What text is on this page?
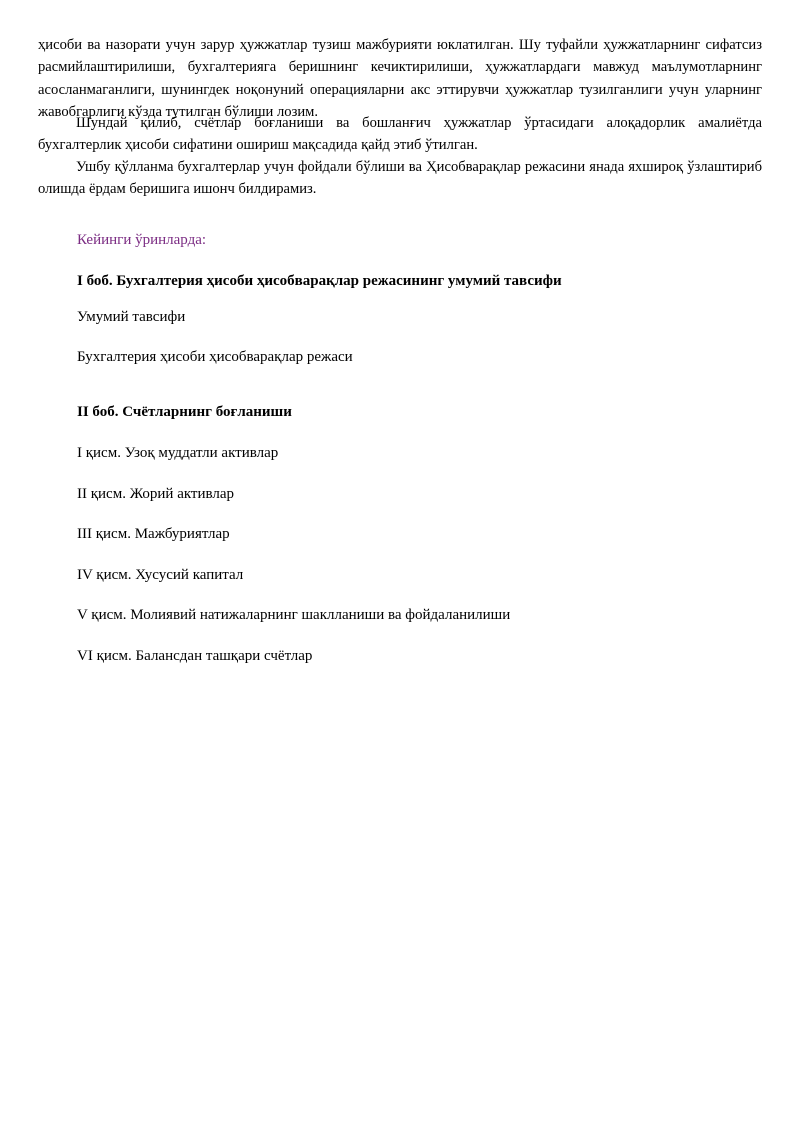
ҳисоби ва назорати учун зарур ҳужжатлар тузиш мажбурияти юклатилган. Шу туфайли ҳужжатларнинг сифатсиз расмийлаштирилиши, бухгалтерияга беришнинг кечиктирилиши, ҳужжатлардаги мавжуд маълумотларнинг асосланмаганлиги, шунингдек ноқонуний операцияларни акс эттирувчи ҳужжатлар тузилганлиги учун уларнинг жавобгарлиги кўзда тутилган бўлиши лозим.

Шундай қилиб, счётлар боғланиши ва бошланғич ҳужжатлар ўртасидаги алоқадорлик амалиётда бухгалтерлик ҳисоби сифатини ошириш мақсадида қайд этиб ўтилган.

Ушбу қўлланма бухгалтерлар учун фойдали бўлиши ва Ҳисобварақлар режасини янада яхшироқ ўзлаштириб олишда ёрдам беришига ишонч билдирамиз.

Кейинги ўринларда:

I боб. Бухгалтерия ҳисоби ҳисобварақлар режасининг умумий тавсифи

Умумий тавсифи

Бухгалтерия ҳисоби ҳисобварақлар режаси

II боб. Счётларнинг боғланиши

I қисм. Узоқ муддатли активлар

II қисм. Жорий активлар

III қисм. Мажбуриятлар

IV қисм. Хусусий капитал

V қисм. Молиявий натижаларнинг шаклланиши ва фойдаланилиши

VI қисм. Балансдан ташқари счётлар
